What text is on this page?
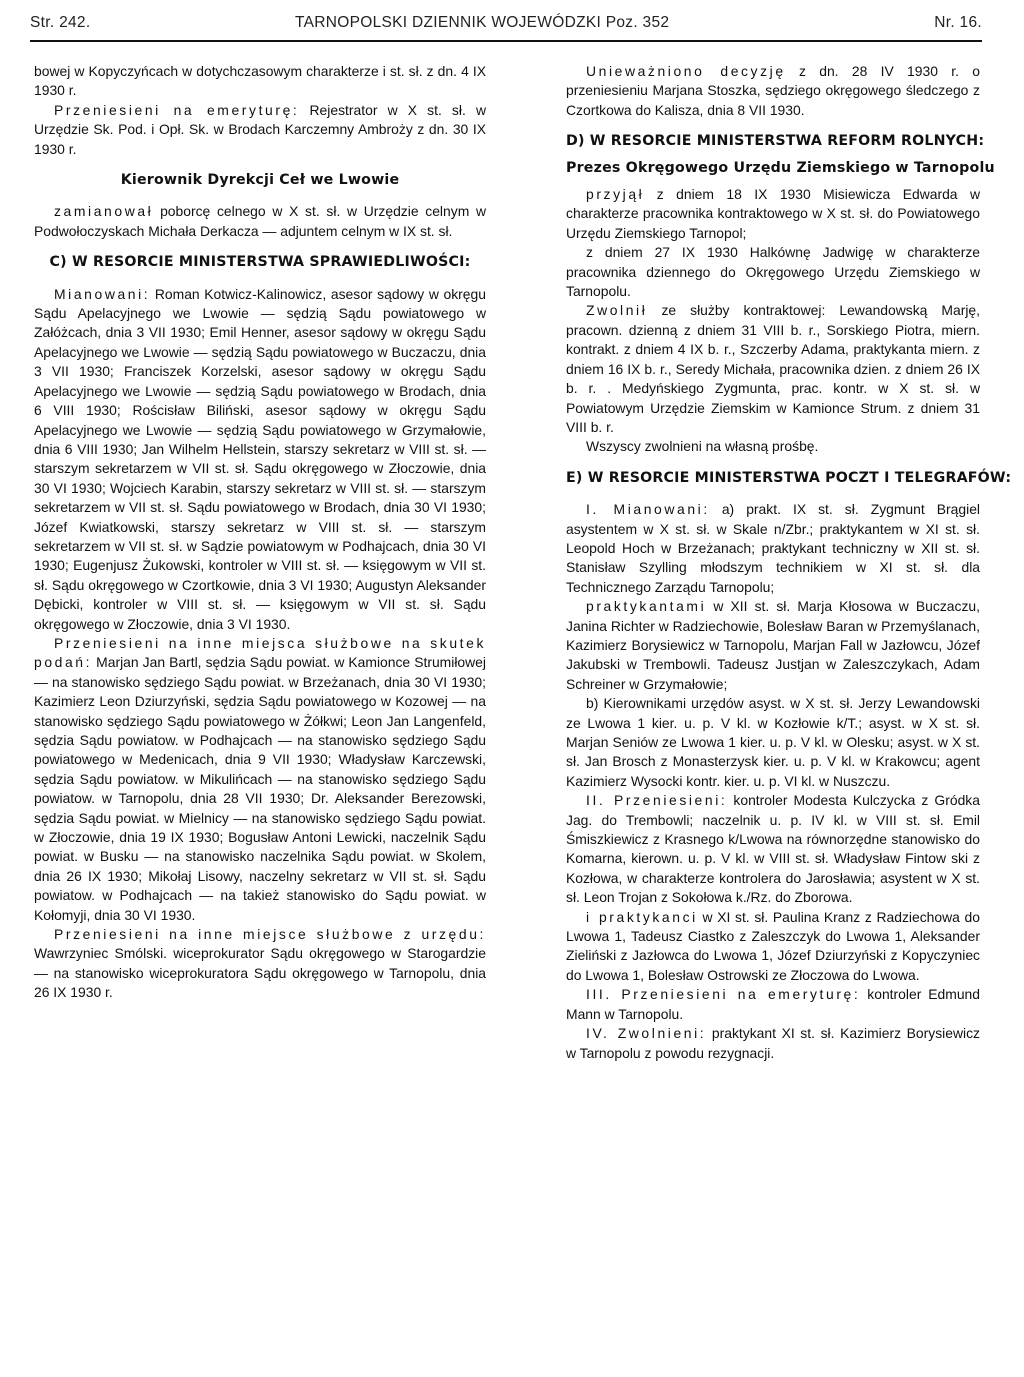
Str. 242.	TARNOPOLSKI DZIENNIK WOJEWÓDZKI Poz. 352	Nr. 16.

bowej w Kopyczyńcach w dotychczasowym charakterze i st. sł. z dn. 4 IX 1930 r.

Przeniesieni na emeryturę: Rejestrator w X st. sł. w Urzędzie Sk. Pod. i Opł. Sk. w Brodach Karczemny Ambroży z dn. 30 IX 1930 r.

Kierownik Dyrekcji Ceł we Lwowie

zamianował poborcę celnego w X st. sł. w Urzędzie celnym w Podwołoczyskach Michała Derkacza — adjuntem celnym w IX st. sł.

C) W RESORCIE MINISTERSTWA SPRAWIEDLIWOŚCI:

Mianowani: Roman Kotwicz-Kalinowicz, asesor sądowy w okręgu Sądu Apelacyjnego we Lwowie — sędzią Sądu powiatowego w Załóżcach, dnia 3 VII 1930; Emil Henner, asesor sądowy w okręgu Sądu Apelacyjnego we Lwowie — sędzią Sądu powiatowego w Buczaczu, dnia 3 VII 1930; Franciszek Korzelski, asesor sądowy w okręgu Sądu Apelacyjnego we Lwowie — sędzią Sądu powiatowego w Brodach, dnia 6 VIII 1930; Rościsław Biliński, asesor sądowy w okręgu Sądu Apelacyjnego we Lwowie — sędzią Sądu powiatowego w Grzymałowie, dnia 6 VIII 1930; Jan Wilhelm Hellstein, starszy sekretarz w VIII st. sł. — starszym sekretarzem w VII st. sł. Sądu okręgowego w Złoczowie, dnia 30 VI 1930; Wojciech Karabin, starszy sekretarz w VIII st. sł. — starszym sekretarzem w VII st. sł. Sądu powiatowego w Brodach, dnia 30 VI 1930; Józef Kwiatkowski, starszy sekretarz w VIII st. sł. — starszym sekretarzem w VII st. sł. w Sądzie powiatowym w Podhajcach, dnia 30 VI 1930; Eugenjusz Żukowski, kontroler w VIII st. sł. — księgowym w VII st. sł. Sądu okręgowego w Czortkowie, dnia 3 VI 1930; Augustyn Aleksander Dębicki, kontroler w VIII st. sł. — księgowym w VII st. sł. Sądu okręgowego w Złoczowie, dnia 3 VI 1930.

Przeniesieni na inne miejsca służbowe na skutek podań: Marjan Jan Bartl, sędzia Sądu powiat. w Kamionce Strumiłowej — na stanowisko sędziego Sądu powiat. w Brzeżanach, dnia 30 VI 1930; Kazimierz Leon Dziurzyński, sędzia Sądu powiatowego w Kozowej — na stanowisko sędziego Sądu powiatowego w Żółkwi; Leon Jan Langenfeld, sędzia Sądu powiatow. w Podhajcach — na stanowisko sędziego Sądu powiatowego w Medenicach, dnia 9 VII 1930; Władysław Karczewski, sędzia Sądu powiatow. w Mikulińcach — na stanowisko sędziego Sądu powiatow. w Tarnopolu, dnia 28 VII 1930; Dr. Aleksander Berezowski, sędzia Sądu powiat. w Mielnicy — na stanowisko sędziego Sądu powiat. w Złoczowie, dnia 19 IX 1930; Bogusław Antoni Lewicki, naczelnik Sądu powiat. w Busku — na stanowisko naczelnika Sądu powiat. w Skolem, dnia 26 IX 1930; Mikołaj Lisowy, naczelny sekretarz w VII st. sł. Sądu powiatow. w Podhajcach — na takież stanowisko do Sądu powiat. w Kołomyji, dnia 30 VI 1930.

Przeniesieni na inne miejsce służbowe z urzędu: Wawrzyniec Smólski. wiceprokurator Sądu okręgowego w Starogardzie — na stanowisko wiceprokuratora Sądu okręgowego w Tarnopolu, dnia 26 IX 1930 r.

Unieważniono decyzję z dn. 28 IV 1930 r. o przeniesieniu Marjana Stoszka, sędziego okręgowego śledczego z Czortkowa do Kalisza, dnia 8 VII 1930.

D) W RESORCIE MINISTERSTWA REFORM ROLNYCH:
Prezes Okręgowego Urzędu Ziemskiego w Tarnopolu

przyjął z dniem 18 IX 1930 Misiewicza Edwarda w charakterze pracownika kontraktowego w X st. sł. do Powiatowego Urzędu Ziemskiego Tarnopol;

z dniem 27 IX 1930 Halkównę Jadwigę w charakterze pracownika dziennego do Okręgowego Urzędu Ziemskiego w Tarnopolu.

Zwolnił ze służby kontraktowej: Lewandowską Marję, pracown. dzienną z dniem 31 VIII b. r., Sorskiego Piotra, miern. kontrakt. z dniem 4 IX b. r., Szczerby Adama, praktykanta miern. z dniem 16 IX b. r., Seredy Michała, pracownika dzien. z dniem 26 IX b. r. . Medyńskiego Zygmunta, prac. kontr. w X st. sł. w Powiatowym Urzędzie Ziemskim w Kamionce Strum. z dniem 31 VIII b. r.

Wszyscy zwolnieni na własną prośbę.

E) W RESORCIE MINISTERSTWA POCZT I TELEGRAFÓW:

I. Mianowani: a) prakt. IX st. sł. Zygmunt Brągiel asystentem w X st. sł. w Skale n/Zbr.; praktykantem w XI st. sł. Leopold Hoch w Brzeżanach; praktykant techniczny w XII st. sł. Stanisław Szylling młodszym technikiem w XI st. sł. dla Technicznego Zarządu Tarnopolu;

praktykantami w XII st. sł. Marja Kłosowa w Buczaczu, Janina Richter w Radziechowie, Bolesław Baran w Przemyślanach, Kazimierz Borysiewicz w Tarnopolu, Marjan Fall w Jazłowcu, Józef Jakubski w Trembowli. Tadeusz Justjan w Zaleszczykach, Adam Schreiner w Grzymałowie;

b) Kierownikami urzędów asyst. w X st. sł. Jerzy Lewandowski ze Lwowa 1 kier. u. p. V kl. w Kozłowie k/T.; asyst. w X st. sł. Marjan Seniów ze Lwowa 1 kier. u. p. V kl. w Olesku; asyst. w X st. sł. Jan Brosch z Monasterzysk kier. u. p. V kl. w Krakowcu; agent Kazimierz Wysocki kontr. kier. u. p. VI kl. w Nuszczu.

II. Przeniesieni: kontroler Modesta Kulczycka z Gródka Jag. do Trembowli; naczelnik u. p. IV kl. w VIII st. sł. Emil Śmiszkiewicz z Krasnego k/Lwowa na równorzędne stanowisko do Komarna, kierown. u. p. V kl. w VIII st. sł. Władysław Fintow ski z Kozłowa, w charakterze kontrolera do Jarosławia; asystent w X st. sł. Leon Trojan z Sokołowa k./Rz. do Zborowa.

i praktykanci w XI st. sł. Paulina Kranz z Radziechowa do Lwowa 1, Tadeusz Ciastko z Zaleszczyk do Lwowa 1, Aleksander Zieliński z Jazłowca do Lwowa 1, Józef Dziurzyński z Kopyczyniec do Lwowa 1, Bolesław Ostrowski ze Złoczowa do Lwowa.

III. Przeniesieni na emeryturę: kontroler Edmund Mann w Tarnopolu.

IV. Zwolnieni: praktykant XI st. sł. Kazimierz Borysiewicz w Tarnopolu z powodu rezygnacji.
